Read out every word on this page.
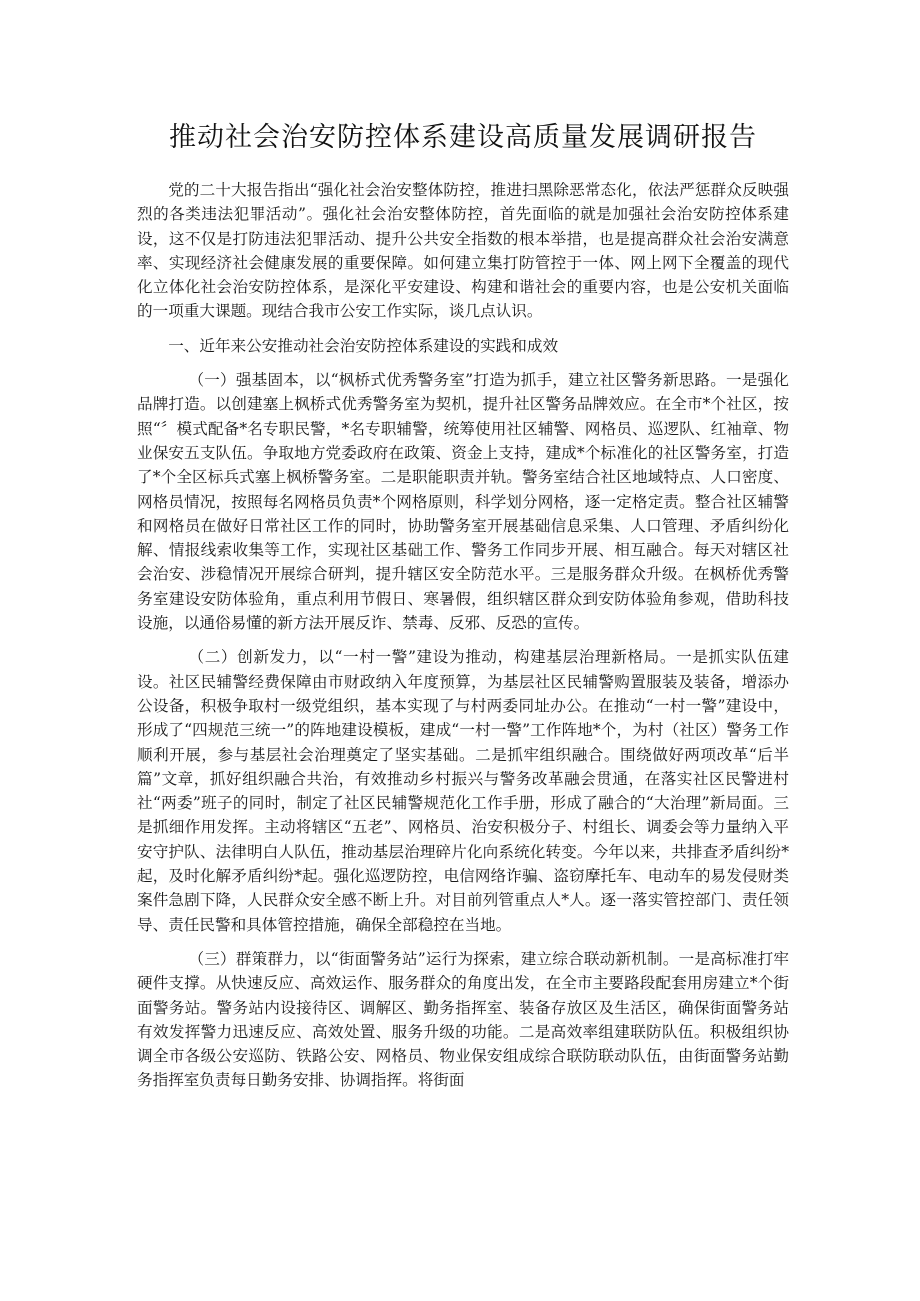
推动社会治安防控体系建设高质量发展调研报告

党的二十大报告指出“强化社会治安整体防控，推进扫黑除恶常态化，依法严惩群众反映强烈的各类违法犯罪活动”。强化社会治安整体防控，首先面临的就是加强社会治安防控体系建设，这不仅是打防违法犯罪活动、提升公共安全指数的根本举措，也是提高群众社会治安满意率、实现经济社会健康发展的重要保障。如何建立集打防管控于一体、网上网下全覆盖的现代化立体化社会治安防控体系，是深化平安建设、构建和谐社会的重要内容，也是公安机关面临的一项重大课题。现结合我市公安工作实际，谈几点认识。

一、近年来公安推动社会治安防控体系建设的实践和成效

（一）强基固本，以“枫桥式优秀警务室”打造为抓手，建立社区警务新思路。一是强化品牌打造。以创建塞上枫桥式优秀警务室为契机，提升社区警务品牌效应。在全市*个社区，按照“〞模式配备*名专职民警，*名专职辅警，统筹使用社区辅警、网格员、巡逻队、红袖章、物业保安五支队伍。争取地方党委政府在政策、资金上支持，建成*个标准化的社区警务室，打造了*个全区标兵式塞上枫桥警务室。二是职能职责并轨。警务室结合社区地域特点、人口密度、网格员情况，按照每名网格员负责*个网格原则，科学划分网格，逐一定格定责。整合社区辅警和网格员在做好日常社区工作的同时，协助警务室开展基础信息采集、人口管理、矛盾纠纷化解、情报线索收集等工作，实现社区基础工作、警务工作同步开展、相互融合。每天对辖区社会治安、涉稳情况开展综合研判，提升辖区安全防范水平。三是服务群众升级。在枫桥优秀警务室建设安防体验角，重点利用节假日、寒暑假，组织辖区群众到安防体验角参观，借助科技设施，以通俗易懂的新方法开展反诈、禁毒、反邪、反恐的宣传。

（二）创新发力，以“一村一警”建设为推动，构建基层治理新格局。一是抓实队伍建设。社区民辅警经费保障由市财政纳入年度预算，为基层社区民辅警购置服装及装备，增添办公设备，积极争取村一级党组织，基本实现了与村两委同址办公。在推动“一村一警”建设中，形成了“四规范三统一”的阵地建设模板，建成“一村一警”工作阵地*个，为村（社区）警务工作顺利开展，参与基层社会治理奠定了坚实基础。二是抓牢组织融合。围绕做好两项改革“后半篇”文章，抓好组织融合共治，有效推动乡村振兴与警务改革融会贯通，在落实社区民警进村社“两委”班子的同时，制定了社区民辅警规范化工作手册，形成了融合的“大治理”新局面。三是抓细作用发挥。主动将辖区“五老”、网格员、治安积极分子、村组长、调委会等力量纳入平安守护队、法律明白人队伍，推动基层治理碎片化向系统化转变。今年以来，共排查矛盾纠纷*起，及时化解矛盾纠纷*起。强化巡逻防控，电信网络诈骗、盗窃摩托车、电动车的易发侵财类案件急剧下降，人民群众安全感不断上升。对目前列管重点人*人。逐一落实管控部门、责任领导、责任民警和具体管控措施，确保全部稳控在当地。

（三）群策群力，以“街面警务站”运行为探索，建立综合联动新机制。一是高标准打牢硬件支撑。从快速反应、高效运作、服务群众的角度出发，在全市主要路段配套用房建立*个街面警务站。警务站内设接待区、调解区、勤务指挥室、装备存放区及生活区，确保街面警务站有效发挥警力迅速反应、高效处置、服务升级的功能。二是高效率组建联防队伍。积极组织协调全市各级公安巡防、铁路公安、网格员、物业保安组成综合联防联动队伍，由街面警务站勤务指挥室负责每日勤务安排、协调指挥。将街面
